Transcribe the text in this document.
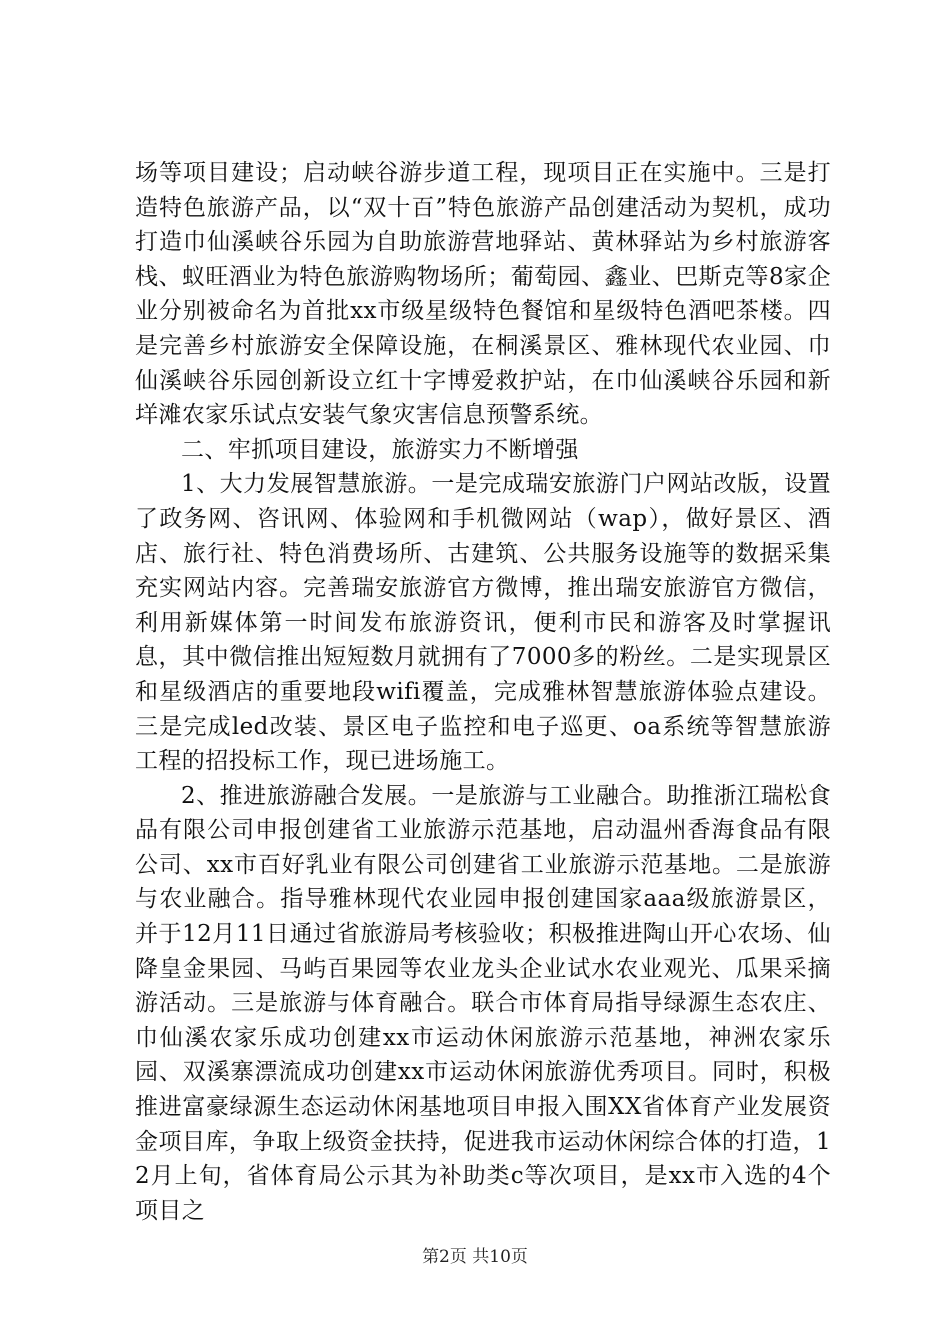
场等项目建设；启动峡谷游步道工程，现项目正在实施中。三是打造特色旅游产品，以“双十百”特色旅游产品创建活动为契机，成功打造巾仙溪峡谷乐园为自助旅游营地驿站、黄林驿站为乡村旅游客栈、蚁旺酒业为特色旅游购物场所；葡萄园、鑫业、巴斯克等8家企业分别被命名为首批xx市级星级特色餐馆和星级特色酒吧茶楼。四是完善乡村旅游安全保障设施，在桐溪景区、雅林现代农业园、巾仙溪峡谷乐园创新设立红十字博爱救护站，在巾仙溪峡谷乐园和新垟滩农家乐试点安装气象灾害信息预警系统。

二、牢抓项目建设，旅游实力不断增强

1、大力发展智慧旅游。一是完成瑞安旅游门户网站改版，设置了政务网、咨讯网、体验网和手机微网站（wap），做好景区、酒店、旅行社、特色消费场所、古建筑、公共服务设施等的数据采集充实网站内容。完善瑞安旅游官方微博，推出瑞安旅游官方微信，利用新媒体第一时间发布旅游资讯，便利市民和游客及时掌握讯息，其中微信推出短短数月就拥有了7000多的粉丝。二是实现景区和星级酒店的重要地段wifi覆盖，完成雅林智慧旅游体验点建设。三是完成led改装、景区电子监控和电子巡更、oa系统等智慧旅游工程的招投标工作，现已进场施工。

2、推进旅游融合发展。一是旅游与工业融合。助推浙江瑞松食品有限公司申报创建省工业旅游示范基地，启动温州香海食品有限公司、xx市百好乳业有限公司创建省工业旅游示范基地。二是旅游与农业融合。指导雅林现代农业园申报创建国家aaa级旅游景区，并于12月11日通过省旅游局考核验收；积极推进陶山开心农场、仙降皇金果园、马屿百果园等农业龙头企业试水农业观光、瓜果采摘游活动。三是旅游与体育融合。联合市体育局指导绿源生态农庄、巾仙溪农家乐成功创建xx市运动休闲旅游示范基地，神洲农家乐园、双溪寨漂流成功创建xx市运动休闲旅游优秀项目。同时，积极推进富豪绿源生态运动休闲基地项目申报入围XX省体育产业发展资金项目库，争取上级资金扶持，促进我市运动休闲综合体的打造，12月上旬，省体育局公示其为补助类c等次项目，是xx市入选的4个项目之

第2页 共10页
